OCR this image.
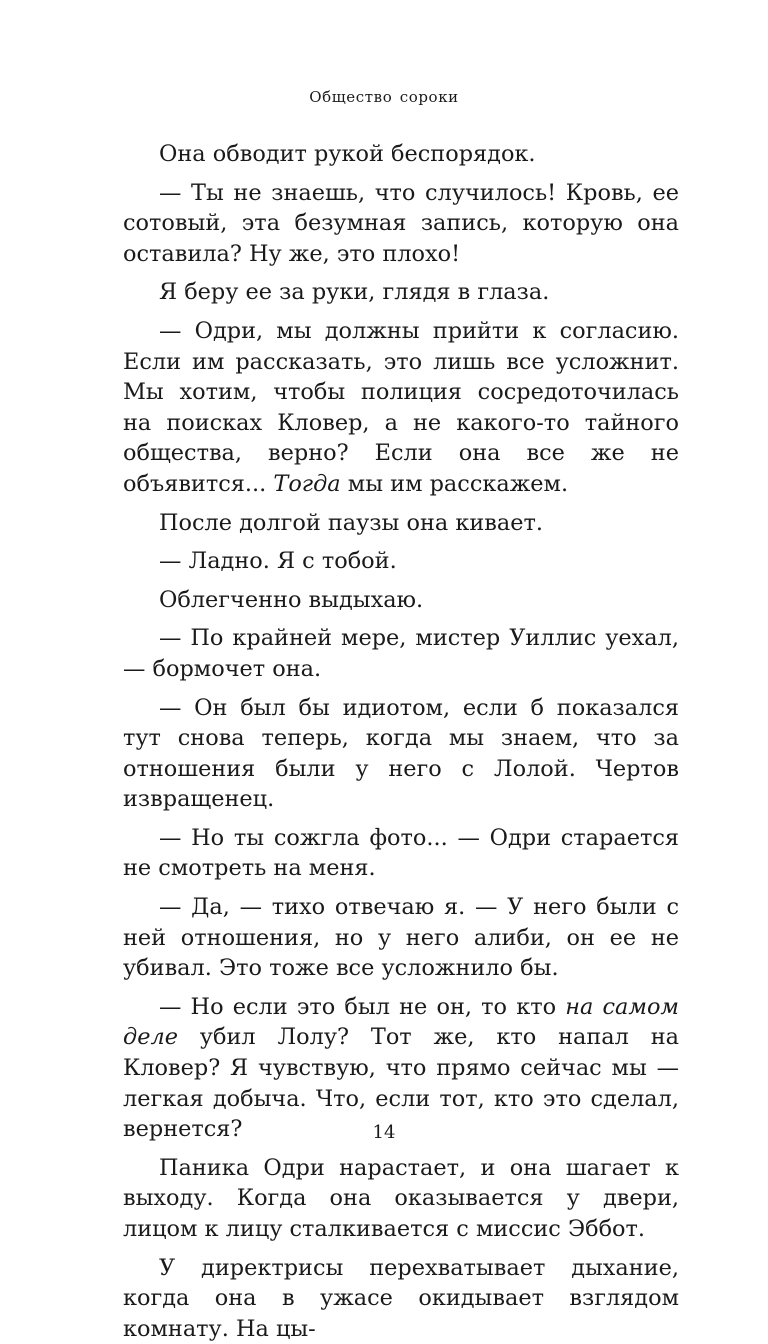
Общество сороки

Она обводит рукой беспорядок.

— Ты не знаешь, что случилось! Кровь, ее сотовый, эта безумная запись, которую она оставила? Ну же, это плохо!

Я беру ее за руки, глядя в глаза.

— Одри, мы должны прийти к согласию. Если им рассказать, это лишь все усложнит. Мы хотим, чтобы полиция сосредоточилась на поисках Кловер, а не какого-то тайного общества, верно? Если она все же не объявится... Тогда мы им расскажем.

После долгой паузы она кивает.

— Ладно. Я с тобой.

Облегченно выдыхаю.

— По крайней мере, мистер Уиллис уехал, — бормочет она.

— Он был бы идиотом, если б показался тут снова теперь, когда мы знаем, что за отношения были у него с Лолой. Чертов извращенец.

— Но ты сожгла фото... — Одри старается не смотреть на меня.

— Да, — тихо отвечаю я. — У него были с ней отношения, но у него алиби, он ее не убивал. Это тоже все усложнило бы.

— Но если это был не он, то кто на самом деле убил Лолу? Тот же, кто напал на Кловер? Я чувствую, что прямо сейчас мы — легкая добыча. Что, если тот, кто это сделал, вернется?

Паника Одри нарастает, и она шагает к выходу. Когда она оказывается у двери, лицом к лицу сталкивается с миссис Эббот.

У директрисы перехватывает дыхание, когда она в ужасе окидывает взглядом комнату. На цы-

14
